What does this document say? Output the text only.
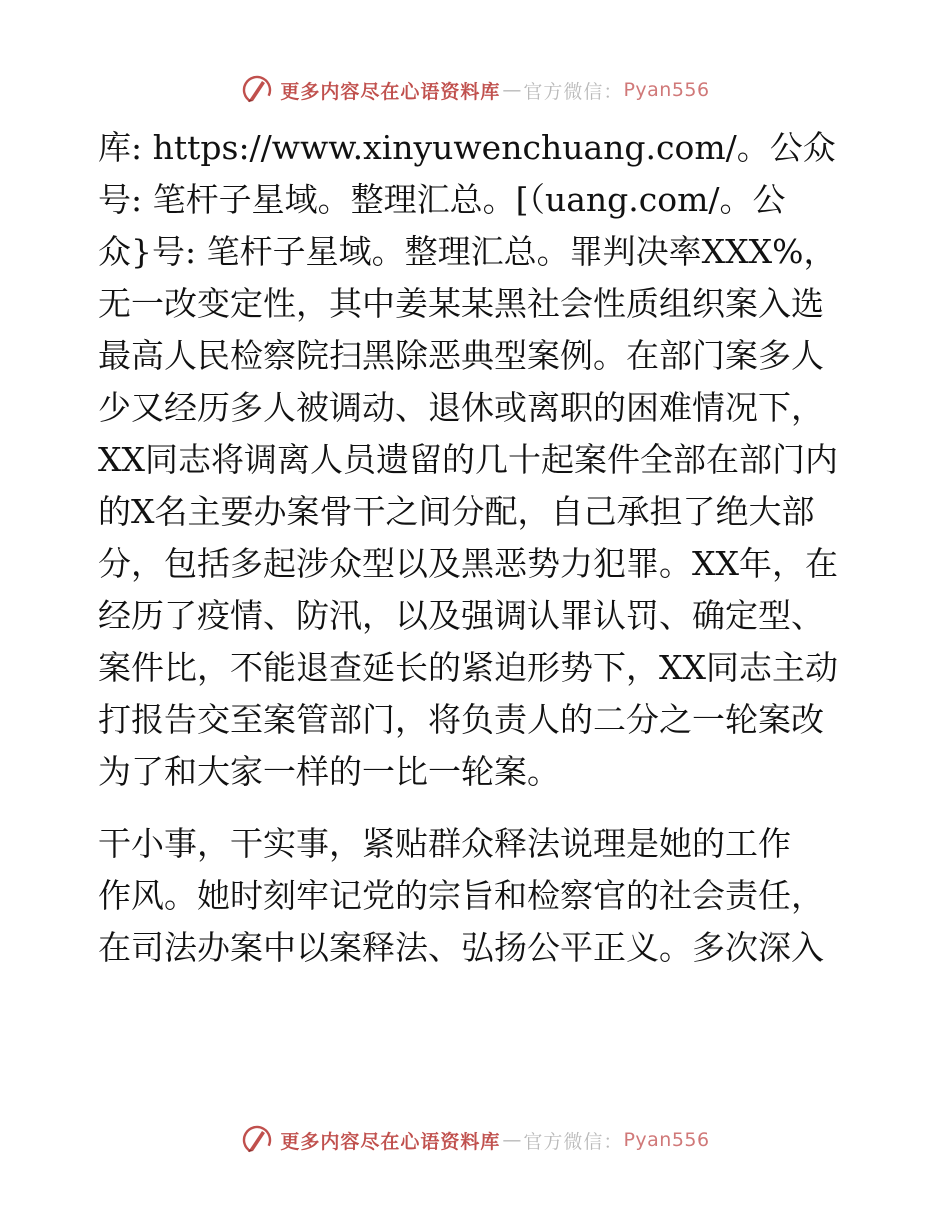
更多内容尽在心语资料库 — 官方微信： Pyan556

库: https://www.xinyuwenchuang.com/。公众
号: 笔杆子星域。整理汇总。[（uang.com/。公
众}号: 笔杆子星域。整理汇总。罪判决率XXX%，
无一改变定性，其中姜某某黑社会性质组织案入选
最高人民检察院扫黑除恶典型案例。在部门案多人
少又经历多人被调动、退休或离职的困难情况下，
XX同志将调离人员遗留的几十起案件全部在部门内
的X名主要办案骨干之间分配，自己承担了绝大部
分，包括多起涉众型以及黑恶势力犯罪。XX年，在
经历了疫情、防汛，以及强调认罪认罚、确定型、
案件比，不能退查延长的紧迫形势下，XX同志主动
打报告交至案管部门，将负责人的二分之一轮案改
为了和大家一样的一比一轮案。

干小事，干实事，紧贴群众释法说理是她的工作
作风。她时刻牢记党的宗旨和检察官的社会责任，
在司法办案中以案释法、弘扬公平正义。多次深入

更多内容尽在心语资料库 — 官方微信： Pyan556
